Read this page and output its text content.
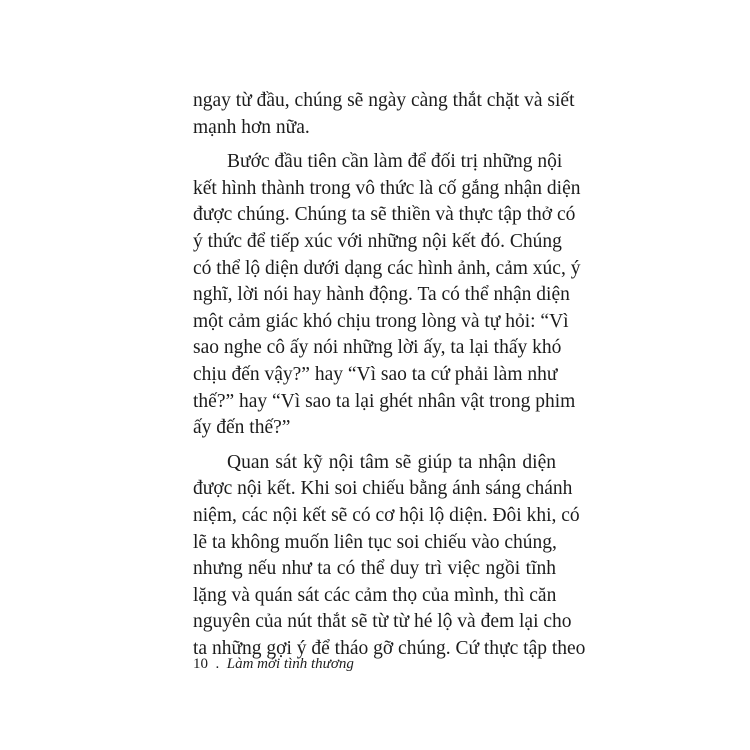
ngay từ đầu, chúng sẽ ngày càng thắt chặt và siết
mạnh hơn nữa.
Bước đầu tiên cần làm để đối trị những nội
kết hình thành trong vô thức là cố gắng nhận diện
được chúng. Chúng ta sẽ thiền và thực tập thở có
ý thức để tiếp xúc với những nội kết đó. Chúng
có thể lộ diện dưới dạng các hình ảnh, cảm xúc, ý
nghĩ, lời nói hay hành động. Ta có thể nhận diện
một cảm giác khó chịu trong lòng và tự hỏi: “Vì
sao nghe cô ấy nói những lời ấy, ta lại thấy khó
chịu đến vậy?” hay “Vì sao ta cứ phải làm như
thế?” hay “Vì sao ta lại ghét nhân vật trong phim
ấy đến thế?”
Quan sát kỹ nội tâm sẽ giúp ta nhận diện
được nội kết. Khi soi chiếu bằng ánh sáng chánh
niệm, các nội kết sẽ có cơ hội lộ diện. Đôi khi, có
lẽ ta không muốn liên tục soi chiếu vào chúng,
nhưng nếu như ta có thể duy trì việc ngồi tĩnh
lặng và quán sát các cảm thọ của mình, thì căn
nguyên của nút thắt sẽ từ từ hé lộ và đem lại cho
ta những gợi ý để tháo gỡ chúng. Cứ thực tập theo
10 . Làm mới tình thương
